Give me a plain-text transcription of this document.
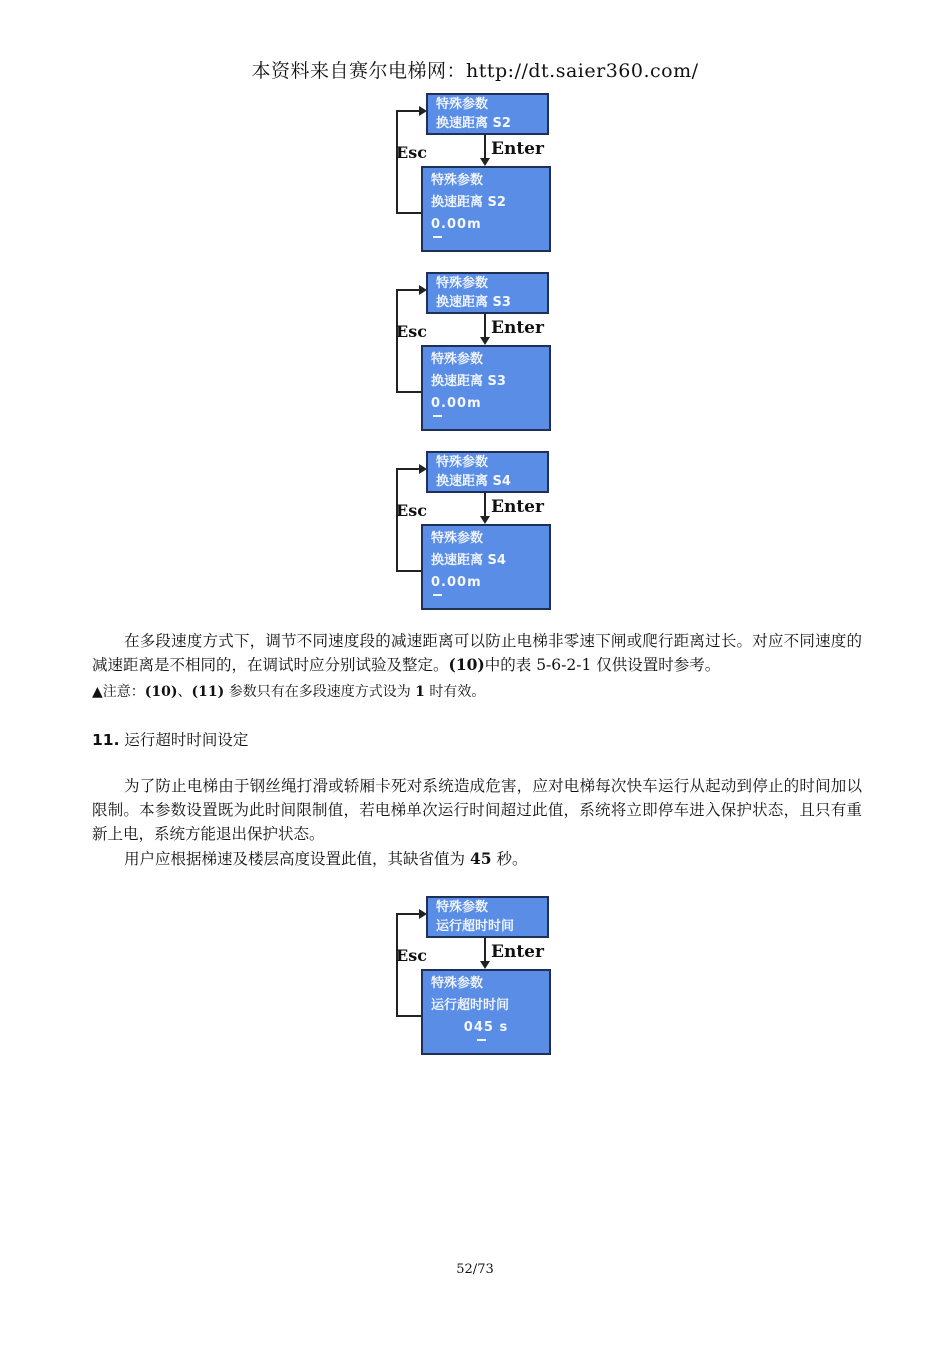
本资料来自赛尔电梯网：http://dt.saier360.com/
特殊参数
换速距离 S2
Esc	Enter
特殊参数
换速距离 S2
0.00m
特殊参数
换速距离 S3
Esc	Enter
特殊参数
换速距离 S3
0.00m
特殊参数
换速距离 S4
Esc	Enter
特殊参数
换速距离 S4
0.00m
在多段速度方式下，调节不同速度段的减速距离可以防止电梯非零速下闸或爬行距离过长。对应不同速度的减速距离是不相同的，在调试时应分别试验及整定。(10)中的表 5-6-2-1 仅供设置时参考。
▲注意：(10)、(11) 参数只有在多段速度方式设为 1 时有效。
11. 运行超时时间设定
为了防止电梯由于钢丝绳打滑或轿厢卡死对系统造成危害，应对电梯每次快车运行从起动到停止的时间加以限制。本参数设置既为此时间限制值，若电梯单次运行时间超过此值，系统将立即停车进入保护状态，且只有重新上电，系统方能退出保护状态。
用户应根据梯速及楼层高度设置此值，其缺省值为 45 秒。
特殊参数
运行超时时间
Esc	Enter
特殊参数
运行超时时间
045 s
52/73
